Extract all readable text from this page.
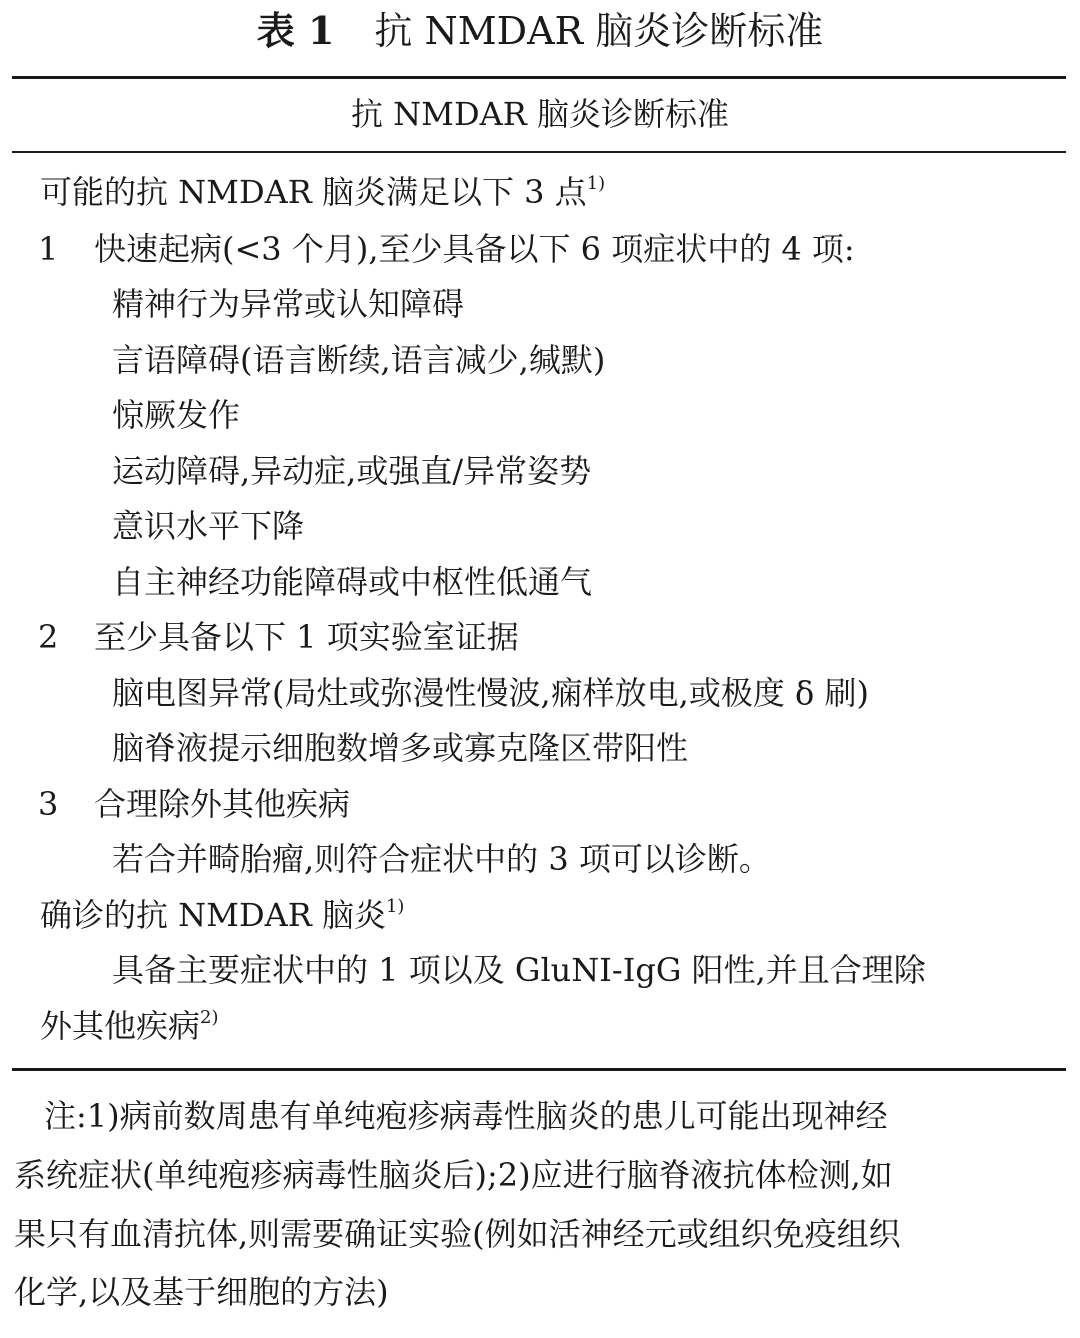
表 1 抗 NMDAR 脑炎诊断标准
抗 NMDAR 脑炎诊断标准
可能的抗 NMDAR 脑炎满足以下 3 点$^{1)}$
1 快速起病(<3 个月),至少具备以下 6 项症状中的 4 项:
精神行为异常或认知障碍
言语障碍(语言断续,语言减少,缄默)
惊厥发作
运动障碍,异动症,或强直/异常姿势
意识水平下降
自主神经功能障碍或中枢性低通气
2 至少具备以下 1 项实验室证据
脑电图异常(局灶或弥漫性慢波,痫样放电,或极度 δ 刷)
脑脊液提示细胞数增多或寡克隆区带阳性
3 合理除外其他疾病
若合并畸胎瘤,则符合症状中的 3 项可以诊断。
确诊的抗 NMDAR 脑炎$^{1)}$
具备主要症状中的 1 项以及 GluNI-IgG 阳性,并且合理除
外其他疾病$^{2)}$
注:1)病前数周患有单纯疱疹病毒性脑炎的患儿可能出现神经
系统症状(单纯疱疹病毒性脑炎后);2)应进行脑脊液抗体检测,如
果只有血清抗体,则需要确证实验(例如活神经元或组织免疫组织
化学,以及基于细胞的方法)
